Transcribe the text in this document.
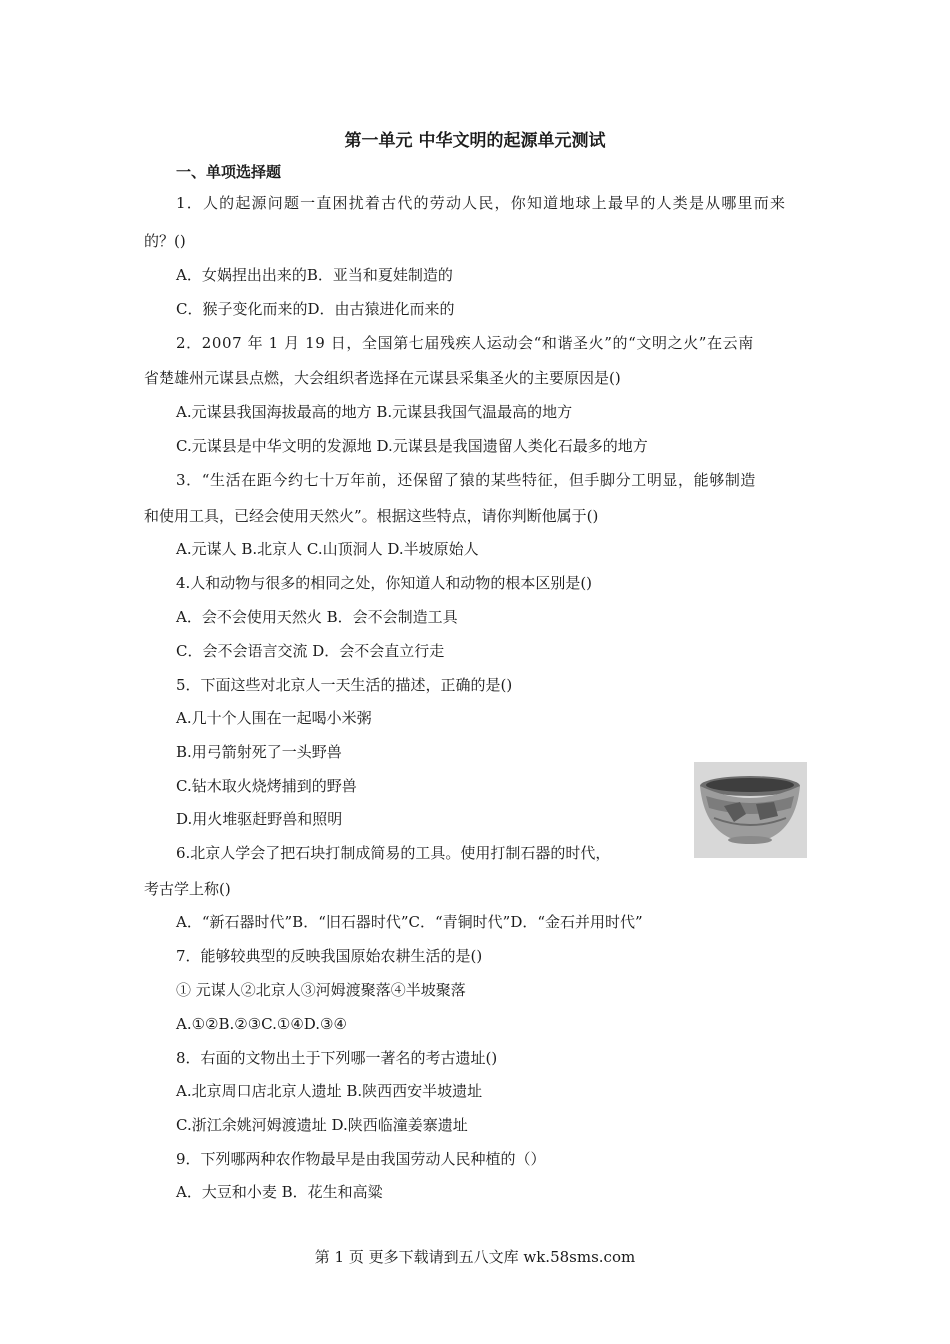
第一单元 中华文明的起源单元测试
一、单项选择题
1．人的起源问题一直困扰着古代的劳动人民，你知道地球上最早的人类是从哪里而来
的？()
A．女娲捏出出来的B．亚当和夏娃制造的
C．猴子变化而来的D．由古猿进化而来的
2．2007 年 1 月 19 日，全国第七届残疾人运动会“和谐圣火”的“文明之火”在云南
省楚雄州元谋县点燃，大会组织者选择在元谋县采集圣火的主要原因是()
A.元谋县我国海拔最高的地方 B.元谋县我国气温最高的地方
C.元谋县是中华文明的发源地 D.元谋县是我国遗留人类化石最多的地方
3．“生活在距今约七十万年前，还保留了猿的某些特征，但手脚分工明显，能够制造
和使用工具，已经会使用天然火”。根据这些特点，请你判断他属于()
A.元谋人 B.北京人 C.山顶洞人 D.半坡原始人
4.人和动物与很多的相同之处，你知道人和动物的根本区别是()
A．会不会使用天然火 B．会不会制造工具
C．会不会语言交流 D．会不会直立行走
5．下面这些对北京人一天生活的描述，正确的是()
A.几十个人围在一起喝小米粥
B.用弓箭射死了一头野兽
C.钻木取火烧烤捕到的野兽
D.用火堆驱赶野兽和照明
6.北京人学会了把石块打制成简易的工具。使用打制石器的时代，
考古学上称()
A．“新石器时代”B．“旧石器时代”C．“青铜时代”D．“金石并用时代”
7．能够较典型的反映我国原始农耕生活的是()
① 元谋人②北京人③河姆渡聚落④半坡聚落
A.①②B.②③C.①④D.③④
8．右面的文物出土于下列哪一著名的考古遗址()
A.北京周口店北京人遗址 B.陕西西安半坡遗址
C.浙江余姚河姆渡遗址 D.陕西临潼姜寨遗址
9．下列哪两种农作物最早是由我国劳动人民种植的（）
A．大豆和小麦 B．花生和高粱
第 1 页 更多下载请到五八文库 wk.58sms.com
